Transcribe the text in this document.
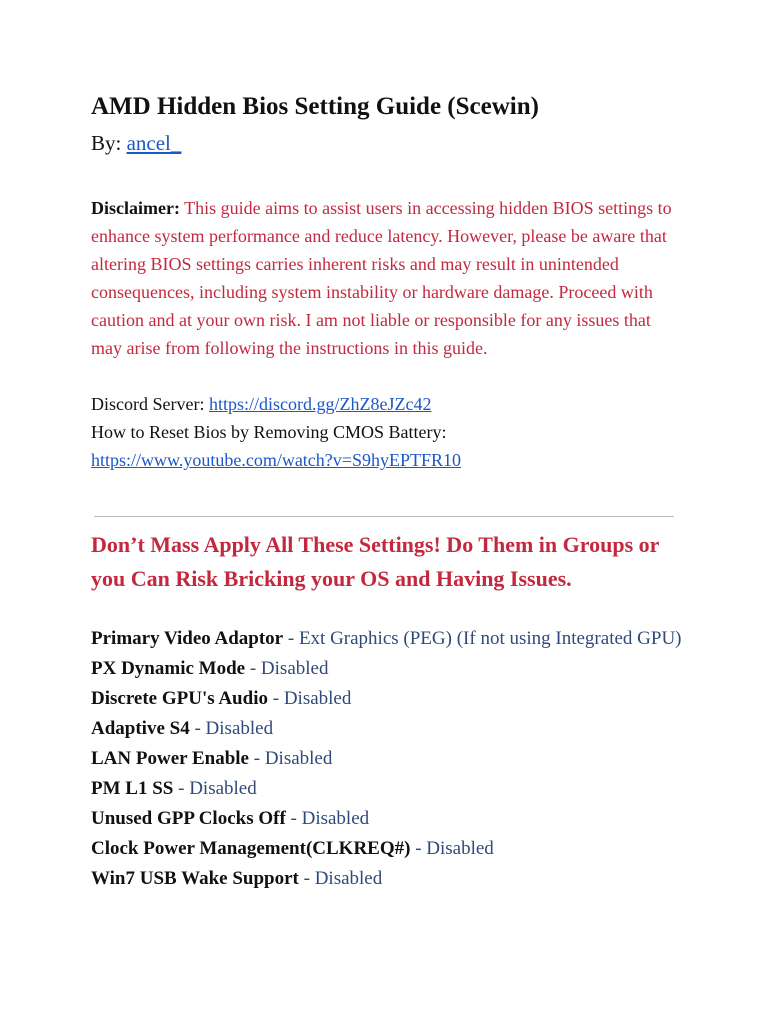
AMD Hidden Bios Setting Guide (Scewin)
By: ancel_
Disclaimer: This guide aims to assist users in accessing hidden BIOS settings to enhance system performance and reduce latency. However, please be aware that altering BIOS settings carries inherent risks and may result in unintended consequences, including system instability or hardware damage. Proceed with caution and at your own risk. I am not liable or responsible for any issues that may arise from following the instructions in this guide.
Discord Server: https://discord.gg/ZhZ8eJZc42
How to Reset Bios by Removing CMOS Battery:
https://www.youtube.com/watch?v=S9hyEPTFR10
Don’t Mass Apply All These Settings! Do Them in Groups or you Can Risk Bricking your OS and Having Issues.
Primary Video Adaptor - Ext Graphics (PEG) (If not using Integrated GPU)
PX Dynamic Mode - Disabled
Discrete GPU's Audio - Disabled
Adaptive S4 - Disabled
LAN Power Enable - Disabled
PM L1 SS - Disabled
Unused GPP Clocks Off - Disabled
Clock Power Management(CLKREQ#) - Disabled
Win7 USB Wake Support - Disabled
